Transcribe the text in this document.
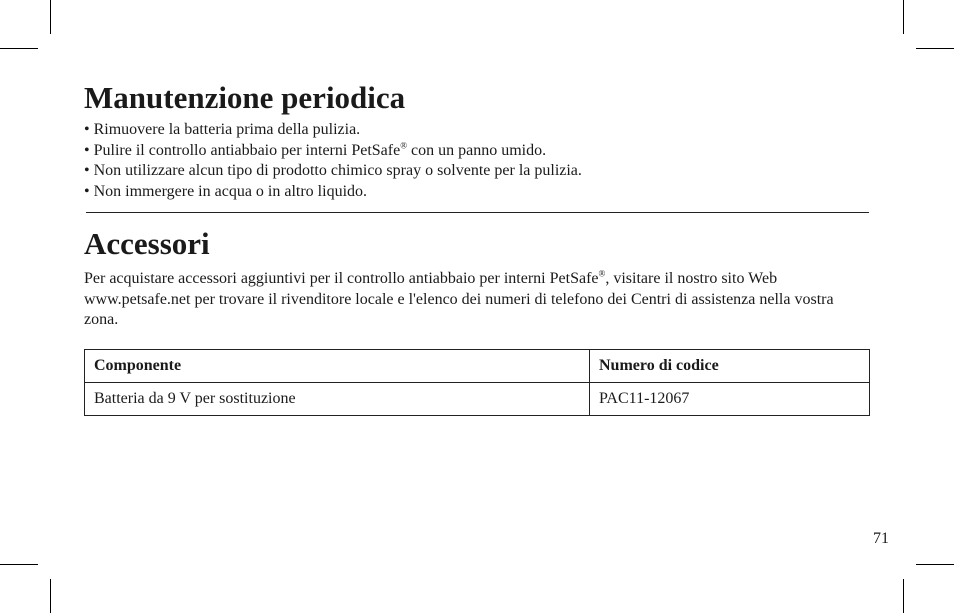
Manutenzione periodica
• Rimuovere la batteria prima della pulizia.
• Pulire il controllo antiabbaio per interni PetSafe® con un panno umido.
• Non utilizzare alcun tipo di prodotto chimico spray o solvente per la pulizia.
• Non immergere in acqua o in altro liquido.
Accessori

Per acquistare accessori aggiuntivi per il controllo antiabbaio per interni PetSafe®, visitare il nostro sito Web www.petsafe.net per trovare il rivenditore locale e l'elenco dei numeri di telefono dei Centri di assistenza nella vostra zona.

Componente	Numero di codice
Batteria da 9 V per sostituzione	PAC11-12067
71
